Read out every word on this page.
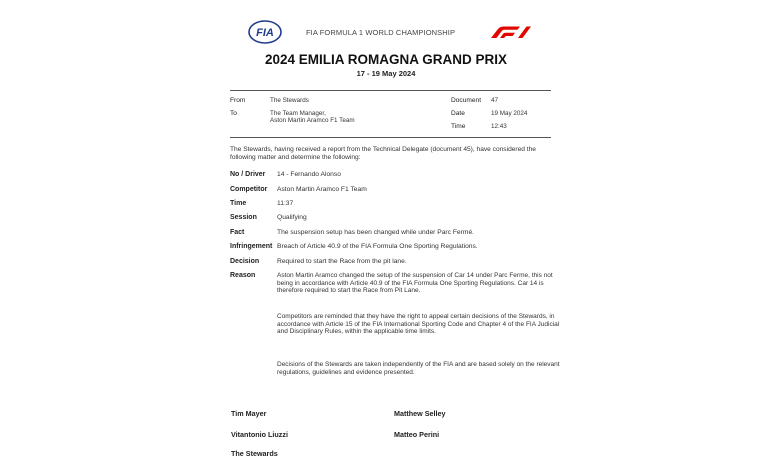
FIA	FIA FORMULA 1 WORLD CHAMPIONSHIP
2024 EMILIA ROMAGNA GRAND PRIX
17 - 19 May 2024
From	The Stewards
To	The Team Manager,
Aston Martin Aramco F1 Team
Document 47
Date	19 May 2024
Time	12:43
The Stewards, having received a report from the Technical Delegate (document 45), have considered the following matter and determine the following:
No / Driver 14 - Fernando Alonso
Competitor Aston Martin Aramco F1 Team
Time	11:37
Session	Qualifying
Fact	The suspension setup has been changed while under Parc Fermé.
Infringement Breach of Article 40.9 of the FIA Formula One Sporting Regulations.
Decision	Required to start the Race from the pit lane.
Reason	Aston Martin Aramco changed the setup of the suspension of Car 14 under Parc Ferme, this not being in accordance with Article 40.9 of the FIA Formula One Sporting Regulations. Car 14 is therefore required to start the Race from Pit Lane.
Competitors are reminded that they have the right to appeal certain decisions of the Stewards, in accordance with Article 15 of the FIA International Sporting Code and Chapter 4 of the FIA Judicial and Disciplinary Rules, within the applicable time limits.
Decisions of the Stewards are taken independently of the FIA and are based solely on the relevant regulations, guidelines and evidence presented.
Tim Mayer	Matthew Selley
Vitantonio Liuzzi	Matteo Perini
The Stewards
